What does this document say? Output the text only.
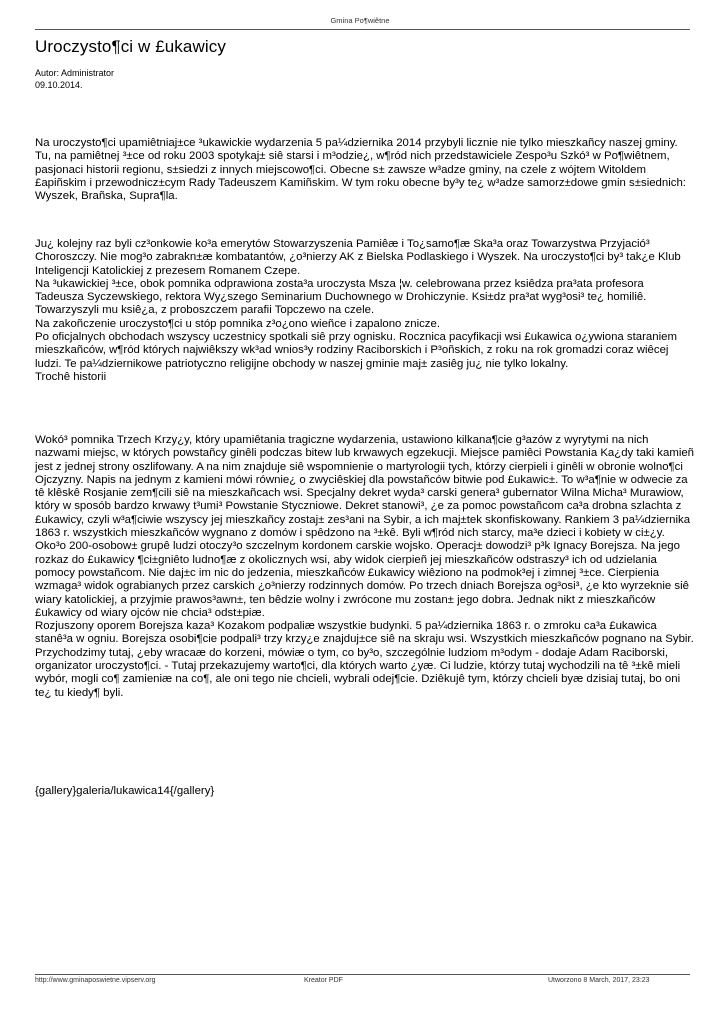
Gmina Po¶wiêtne
Uroczysto¶ci w £ukawicy
Autor: Administrator
09.10.2014.

Na uroczysto¶ci upamiêtniaj±ce ³ukawickie wydarzenia 5 pa¼dziernika 2014 przybyli licznie nie tylko mieszkañcy naszej gminy. Tu, na pamiêtnej ³±ce od roku 2003 spotykaj± siê starsi i m³odzie¿, w¶ród nich przedstawiciele Zespo³u Szkó³ w Po¶wiêtnem, pasjonaci historii regionu, s±siedzi z innych miejscowo¶ci. Obecne s± zawsze w³adze gminy, na czele z wójtem Witoldem £apiñskim i przewodnicz±cym Rady Tadeuszem Kamiñskim. W tym roku obecne by³y te¿ w³adze samorz±dowe gmin s±siednich: Wyszek, Brañska, Supra¶la.

Ju¿ kolejny raz byli cz³onkowie ko³a emerytów Stowarzyszenia Pamiêæ i To¿samo¶æ Ska³a oraz Towarzystwa Przyjació³ Choroszczy. Nie mog³o zabrakn±æ kombatantów, ¿o³nierzy AK z Bielska Podlaskiego i Wyszek. Na uroczysto¶ci by³ tak¿e Klub Inteligencji Katolickiej z prezesem Romanem Czepe.

Na ³ukawickiej ³±ce, obok pomnika odprawiona zosta³a uroczysta Msza ¦w. celebrowana przez ksiêdza pra³ata profesora Tadeusza Syczewskiego, rektora Wy¿szego Seminarium Duchownego w Drohiczynie. Ksi±dz pra³at wyg³osi³ te¿ homiliê. Towarzyszyli mu ksiê¿a, z proboszczem parafii Topczewo na czele.

Na zakoñczenie uroczysto¶ci u stóp pomnika z³o¿ono wieñce i zapalono znicze.

Po oficjalnych obchodach wszyscy uczestnicy spotkali siê przy ognisku. Rocznica pacyfikacji wsi £ukawica o¿ywiona staraniem mieszkañców, w¶ród których najwiêkszy wk³ad wnios³y rodziny Raciborskich i P³oñskich, z roku na rok gromadzi coraz wiêcej ludzi. Te pa¼dziernikowe patriotyczno religijne obchody w naszej gminie maj± zasiêg ju¿ nie tylko lokalny.

Trochê historii

Wokó³ pomnika Trzech Krzy¿y, który upamiêtania tragiczne wydarzenia, ustawiono kilkana¶cie g³azów z wyrytymi na nich nazwami miejsc, w których powstañcy ginêli podczas bitew lub krwawych egzekucji. Miejsce pamiêci Powstania Ka¿dy taki kamieñ jest z jednej strony oszlifowany. A na nim znajduje siê wspomnienie o martyrologii tych, którzy cierpieli i ginêli w obronie wolno¶ci Ojczyzny. Napis na jednym z kamieni mówi równie¿ o zwyciêskiej dla powstañców bitwie pod £ukawic±. To w³a¶nie w odwecie za tê klêskê Rosjanie zem¶cili siê na mieszkañcach wsi. Specjalny dekret wyda³ carski genera³ gubernator Wilna Micha³ Murawiow, który w sposób bardzo krwawy t³umi³ Powstanie Styczniowe. Dekret stanowi³, ¿e za pomoc powstañcom ca³a drobna szlachta z £ukawicy, czyli w³a¶ciwie wszyscy jej mieszkañcy zostaj± zes³ani na Sybir, a ich maj±tek skonfiskowany. Rankiem 3 pa¼dziernika 1863 r. wszystkich mieszkañców wygnano z domów i spêdzono na ³±kê. Byli w¶ród nich starcy, ma³e dzieci i kobiety w ci±¿y. Oko³o 200-osobow± grupê ludzi otoczy³o szczelnym kordonem carskie wojsko. Operacj± dowodzi³ p³k Ignacy Borejsza. Na jego rozkaz do £ukawicy ¶ci±gniêto ludno¶æ z okolicznych wsi, aby widok cierpieñ jej mieszkañców odstraszy³ ich od udzielania pomocy powstañcom. Nie daj±c im nic do jedzenia, mieszkañców £ukawicy wiêziono na podmok³ej i zimnej ³±ce. Cierpienia wzmaga³ widok ograbianych przez carskich ¿o³nierzy rodzinnych domów. Po trzech dniach Borejsza og³osi³, ¿e kto wyrzeknie siê wiary katolickiej, a przyjmie prawos³awn±, ten bêdzie wolny i zwrócone mu zostan± jego dobra. Jednak nikt z mieszkañców £ukawicy od wiary ojców nie chcia³ odst±piæ.

Rozjuszony oporem Borejsza kaza³ Kozakom podpaliæ wszystkie budynki. 5 pa¼dziernika 1863 r. o zmroku ca³a £ukawica stanê³a w ogniu. Borejsza osobi¶cie podpali³ trzy krzy¿e znajduj±ce siê na skraju wsi. Wszystkich mieszkañców pognano na Sybir.

Przychodzimy tutaj, ¿eby wracaæ do korzeni, mówiæ o tym, co by³o, szczególnie ludziom m³odym - dodaje Adam Raciborski, organizator uroczysto¶ci. - Tutaj przekazujemy warto¶ci, dla których warto ¿yæ. Ci ludzie, którzy tutaj wychodzili na tê ³±kê mieli wybór, mogli co¶ zamieniæ na co¶, ale oni tego nie chcieli, wybrali odej¶cie. Dziêkujê tym, którzy chcieli byæ dzisiaj tutaj, bo oni te¿ tu kiedy¶ byli.

{gallery}galeria/lukawica14{/gallery}

http://www.gminaposwietne.vipserv.org	Kreator PDF	Utworzono 8 March, 2017, 23:23
